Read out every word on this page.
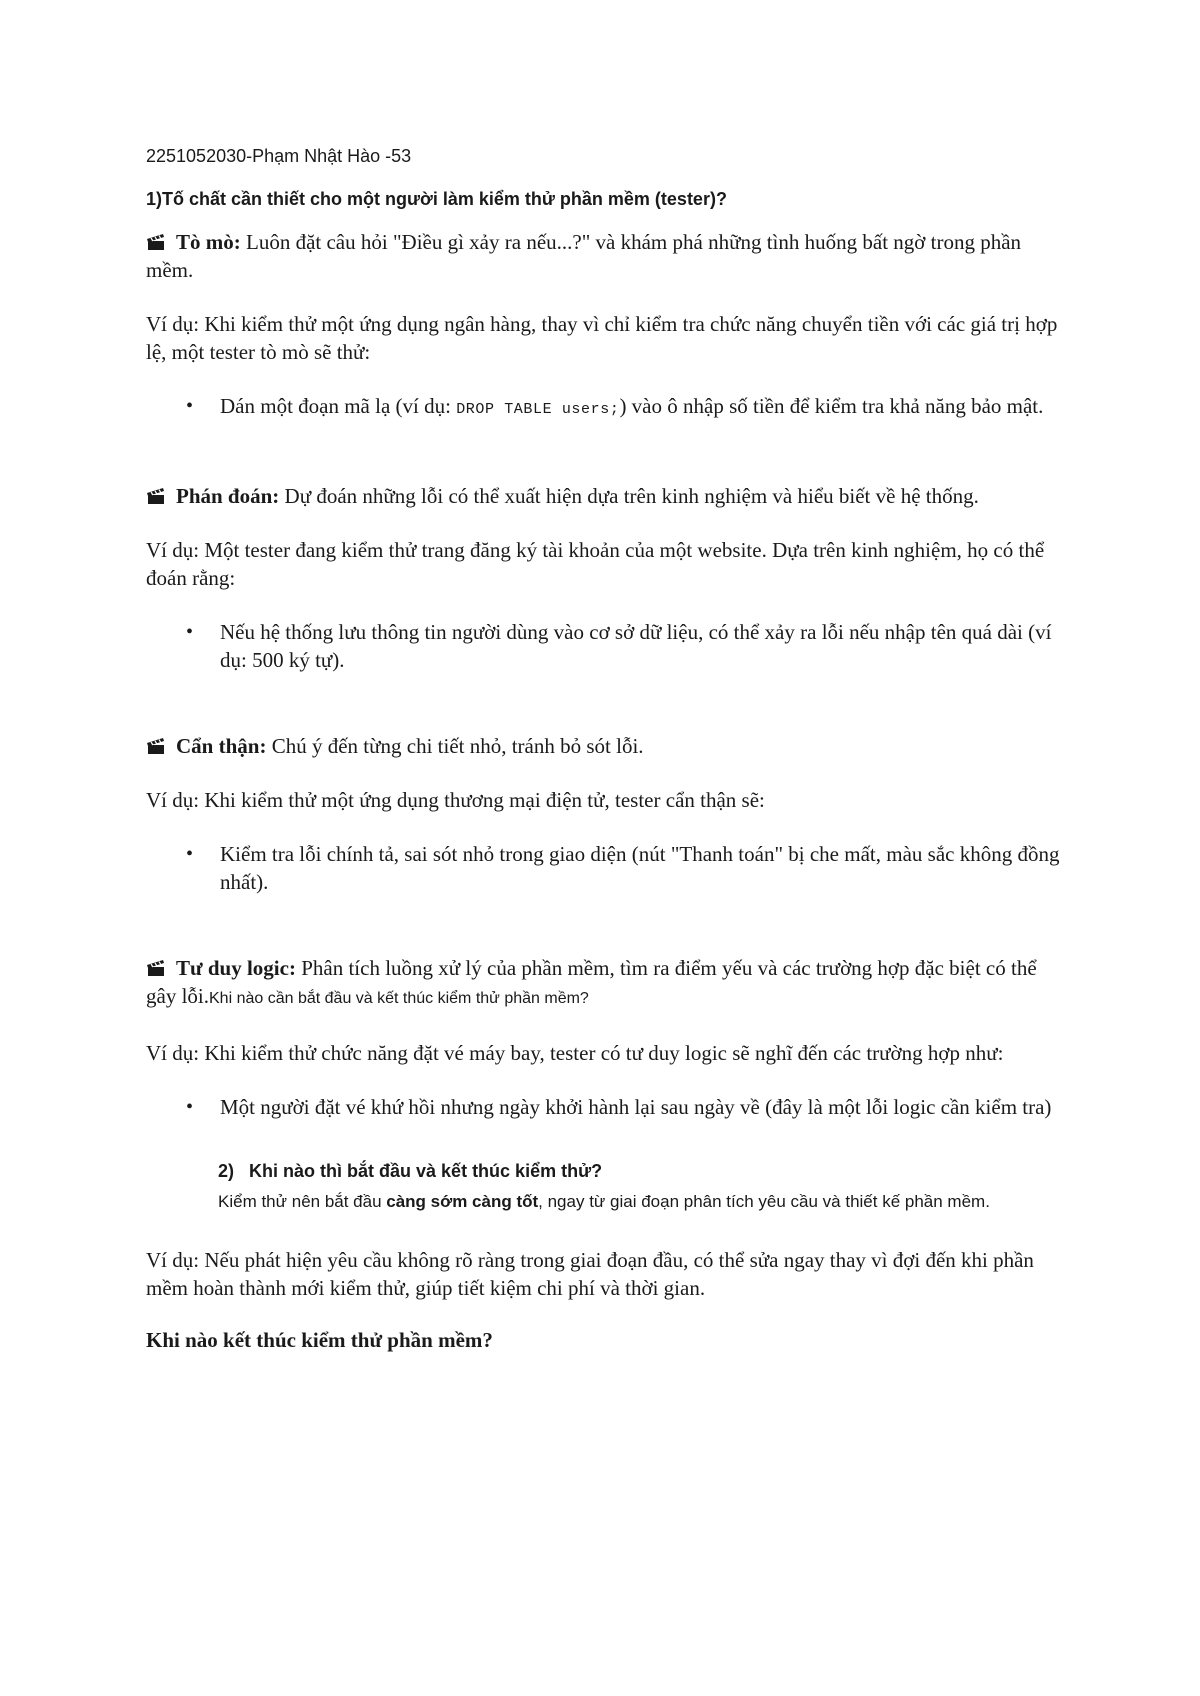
2251052030-Phạm Nhật Hào -53

1)Tố chất cần thiết cho một người làm kiểm thử phần mềm (tester)?

Tò mò: Luôn đặt câu hỏi "Điều gì xảy ra nếu...?" và khám phá những tình huống bất ngờ trong phần mềm.

Ví dụ: Khi kiểm thử một ứng dụng ngân hàng, thay vì chỉ kiểm tra chức năng chuyển tiền với các giá trị hợp lệ, một tester tò mò sẽ thử:

• Dán một đoạn mã lạ (ví dụ: DROP TABLE users;) vào ô nhập số tiền để kiểm tra khả năng bảo mật.

Phán đoán: Dự đoán những lỗi có thể xuất hiện dựa trên kinh nghiệm và hiểu biết về hệ thống.

Ví dụ: Một tester đang kiểm thử trang đăng ký tài khoản của một website. Dựa trên kinh nghiệm, họ có thể đoán rằng:

• Nếu hệ thống lưu thông tin người dùng vào cơ sở dữ liệu, có thể xảy ra lỗi nếu nhập tên quá dài (ví dụ: 500 ký tự).

Cẩn thận: Chú ý đến từng chi tiết nhỏ, tránh bỏ sót lỗi.

Ví dụ: Khi kiểm thử một ứng dụng thương mại điện tử, tester cẩn thận sẽ:

• Kiểm tra lỗi chính tả, sai sót nhỏ trong giao diện (nút "Thanh toán" bị che mất, màu sắc không đồng nhất).

Tư duy logic: Phân tích luồng xử lý của phần mềm, tìm ra điểm yếu và các trường hợp đặc biệt có thể gây lỗi.Khi nào cần bắt đầu và kết thúc kiểm thử phần mềm?

Ví dụ: Khi kiểm thử chức năng đặt vé máy bay, tester có tư duy logic sẽ nghĩ đến các trường hợp như:

• Một người đặt vé khứ hồi nhưng ngày khởi hành lại sau ngày về (đây là một lỗi logic cần kiểm tra)

2) Khi nào thì bắt đầu và kết thúc kiểm thử?

Kiểm thử nên bắt đầu càng sớm càng tốt, ngay từ giai đoạn phân tích yêu cầu và thiết kế phần mềm.

Ví dụ: Nếu phát hiện yêu cầu không rõ ràng trong giai đoạn đầu, có thể sửa ngay thay vì đợi đến khi phần mềm hoàn thành mới kiểm thử, giúp tiết kiệm chi phí và thời gian.

Khi nào kết thúc kiểm thử phần mềm?
